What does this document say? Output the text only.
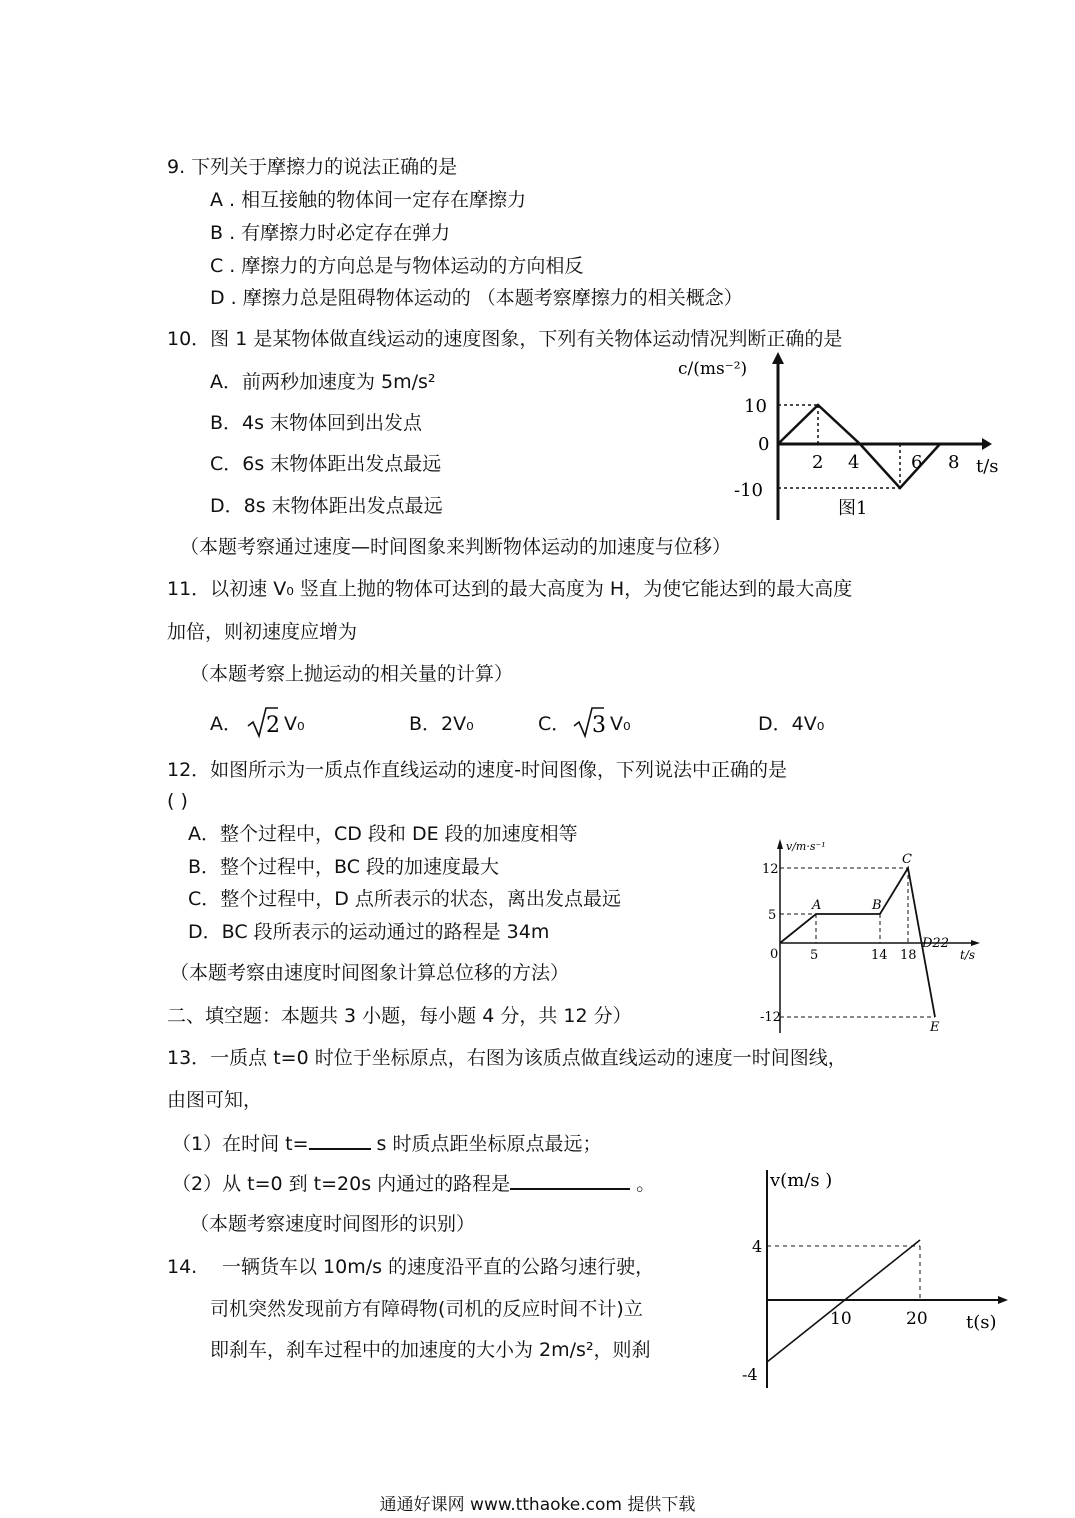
9. 下列关于摩擦力的说法正确的是
A . 相互接触的物体间一定存在摩擦力
B . 有摩擦力时必定存在弹力
C . 摩擦力的方向总是与物体运动的方向相反
D . 摩擦力总是阻碍物体运动的 （本题考察摩擦力的相关概念）
10．图 1 是某物体做直线运动的速度图象，下列有关物体运动情况判断正确的是
A．前两秒加速度为 5m/s²
B．4s 末物体回到出发点
C．6s 末物体距出发点最远
D．8s 末物体距出发点最远
（本题考察通过速度—时间图象来判断物体运动的加速度与位移）
c/(ms⁻²)
10
0
-10
2 4	6 8 t/s
图1
11．以初速 V₀ 竖直上抛的物体可达到的最大高度为 H，为使它能达到的最大高度
加倍，则初速度应增为
（本题考察上抛运动的相关量的计算）
A． 2 V₀	B．2V₀	C． 3 V₀	D．4V₀
12．如图所示为一质点作直线运动的速度-时间图像，下列说法中正确的是
( )
A．整个过程中，CD 段和 DE 段的加速度相等
B．整个过程中，BC 段的加速度最大
C．整个过程中，D 点所表示的状态，离出发点最远
D．BC 段所表示的运动通过的路程是 34m
（本题考察由速度时间图象计算总位移的方法）
二、填空题：本题共 3 小题，每小题 4 分，共 12 分）
v/m·s⁻¹
12
5
0
-12
5	14 18
D22
t/s
A	B
C
E
13．一质点 t=0 时位于坐标原点，右图为该质点做直线运动的速度一时间图线，
由图可知，
（1）在时间 t=	s 时质点距坐标原点最远；
（2）从 t=0 到 t=20s 内通过的路程是	。
（本题考察速度时间图形的识别）
v(m/s )
4
-4
10	20 t(s)
14. 一辆货车以 10m/s 的速度沿平直的公路匀速行驶，
司机突然发现前方有障碍物(司机的反应时间不计)立
即刹车，刹车过程中的加速度的大小为 2m/s²，则刹
通通好课网 www.tthaoke.com 提供下载
